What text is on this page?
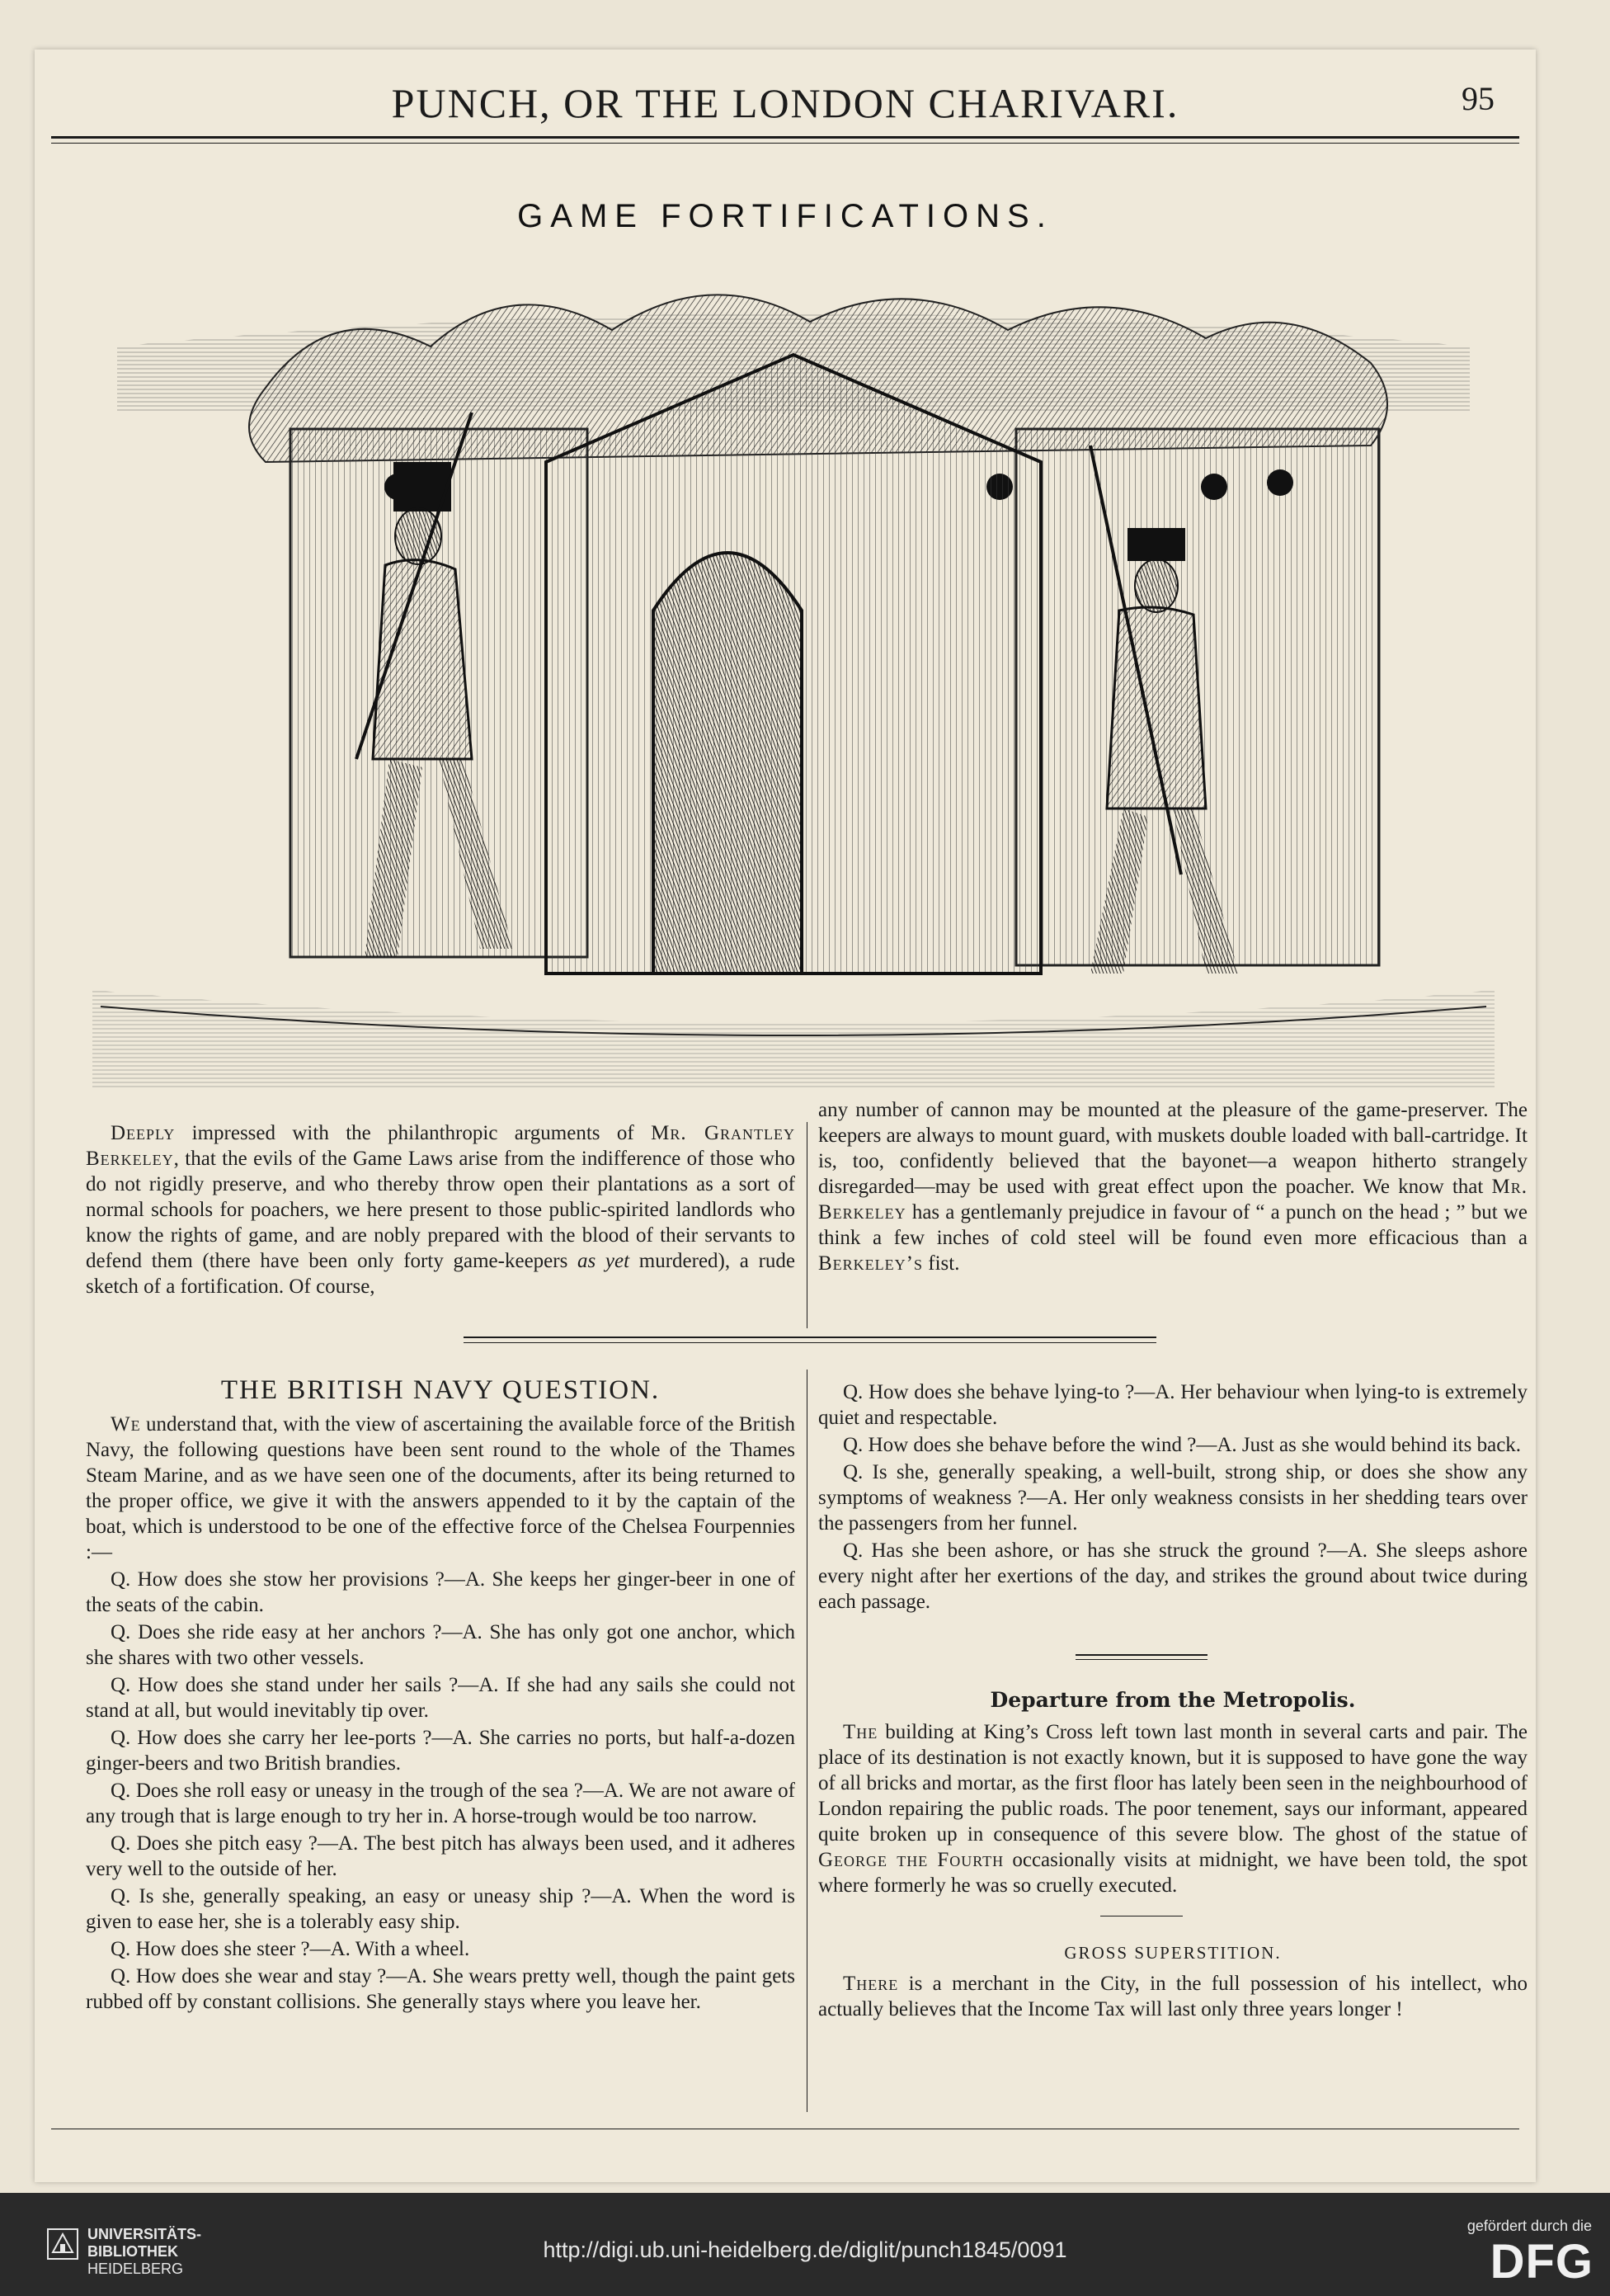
PUNCH, OR THE LONDON CHARIVARI.	95
GAME FORTIFICATIONS.

Deeply impressed with the philanthropic arguments of Mr. Grantley Berkeley, that the evils of the Game Laws arise from the indifference of those who do not rigidly preserve, and who thereby throw open their plantations as a sort of normal schools for poachers, we here present to those public-spirited landlords who know the rights of game, and are nobly prepared with the blood of their servants to defend them (there have been only forty game-keepers as yet murdered), a rude sketch of a fortification. Of course,

any number of cannon may be mounted at the pleasure of the game-preserver. The keepers are always to mount guard, with muskets double loaded with ball-cartridge. It is, too, confidently believed that the bayonet—a weapon hitherto strangely disregarded—may be used with great effect upon the poacher. We know that Mr. Berkeley has a gentlemanly prejudice in favour of “ a punch on the head ; ” but we think a few inches of cold steel will be found even more efficacious than a Berkeley’s fist.

THE BRITISH NAVY QUESTION.

We understand that, with the view of ascertaining the available force of the British Navy, the following questions have been sent round to the whole of the Thames Steam Marine, and as we have seen one of the documents, after its being returned to the proper office, we give it with the answers appended to it by the captain of the boat, which is understood to be one of the effective force of the Chelsea Fourpennies :—

Q. How does she stow her provisions ?—A. She keeps her ginger-beer in one of the seats of the cabin.

Q. Does she ride easy at her anchors ?—A. She has only got one anchor, which she shares with two other vessels.

Q. How does she stand under her sails ?—A. If she had any sails she could not stand at all, but would inevitably tip over.

Q. How does she carry her lee-ports ?—A. She carries no ports, but half-a-dozen ginger-beers and two British brandies.

Q. Does she roll easy or uneasy in the trough of the sea ?—A. We are not aware of any trough that is large enough to try her in. A horse-trough would be too narrow.

Q. Does she pitch easy ?—A. The best pitch has always been used, and it adheres very well to the outside of her.

Q. Is she, generally speaking, an easy or uneasy ship ?—A. When the word is given to ease her, she is a tolerably easy ship.

Q. How does she steer ?—A. With a wheel.

Q. How does she wear and stay ?—A. She wears pretty well, though the paint gets rubbed off by constant collisions. She generally stays where you leave her.

Q. How does she behave lying-to ?—A. Her behaviour when lying-to is extremely quiet and respectable.

Q. How does she behave before the wind ?—A. Just as she would behind its back.

Q. Is she, generally speaking, a well-built, strong ship, or does she show any symptoms of weakness ?—A. Her only weakness consists in her shedding tears over the passengers from her funnel.

Q. Has she been ashore, or has she struck the ground ?—A. She sleeps ashore every night after her exertions of the day, and strikes the ground about twice during each passage.

Departure from the Metropolis.

The building at King’s Cross left town last month in several carts and pair. The place of its destination is not exactly known, but it is supposed to have gone the way of all bricks and mortar, as the first floor has lately been seen in the neighbourhood of London repairing the public roads. The poor tenement, says our informant, appeared quite broken up in consequence of this severe blow. The ghost of the statue of George the Fourth occasionally visits at midnight, we have been told, the spot where formerly he was so cruelly executed.

GROSS SUPERSTITION.

There is a merchant in the City, in the full possession of his intellect, who actually believes that the Income Tax will last only three years longer !

UNIVERSITÄTS-
BIBLIOTHEK
HEIDELBERG
http://digi.ub.uni-heidelberg.de/diglit/punch1845/0091
gefördert durch die
DFG
